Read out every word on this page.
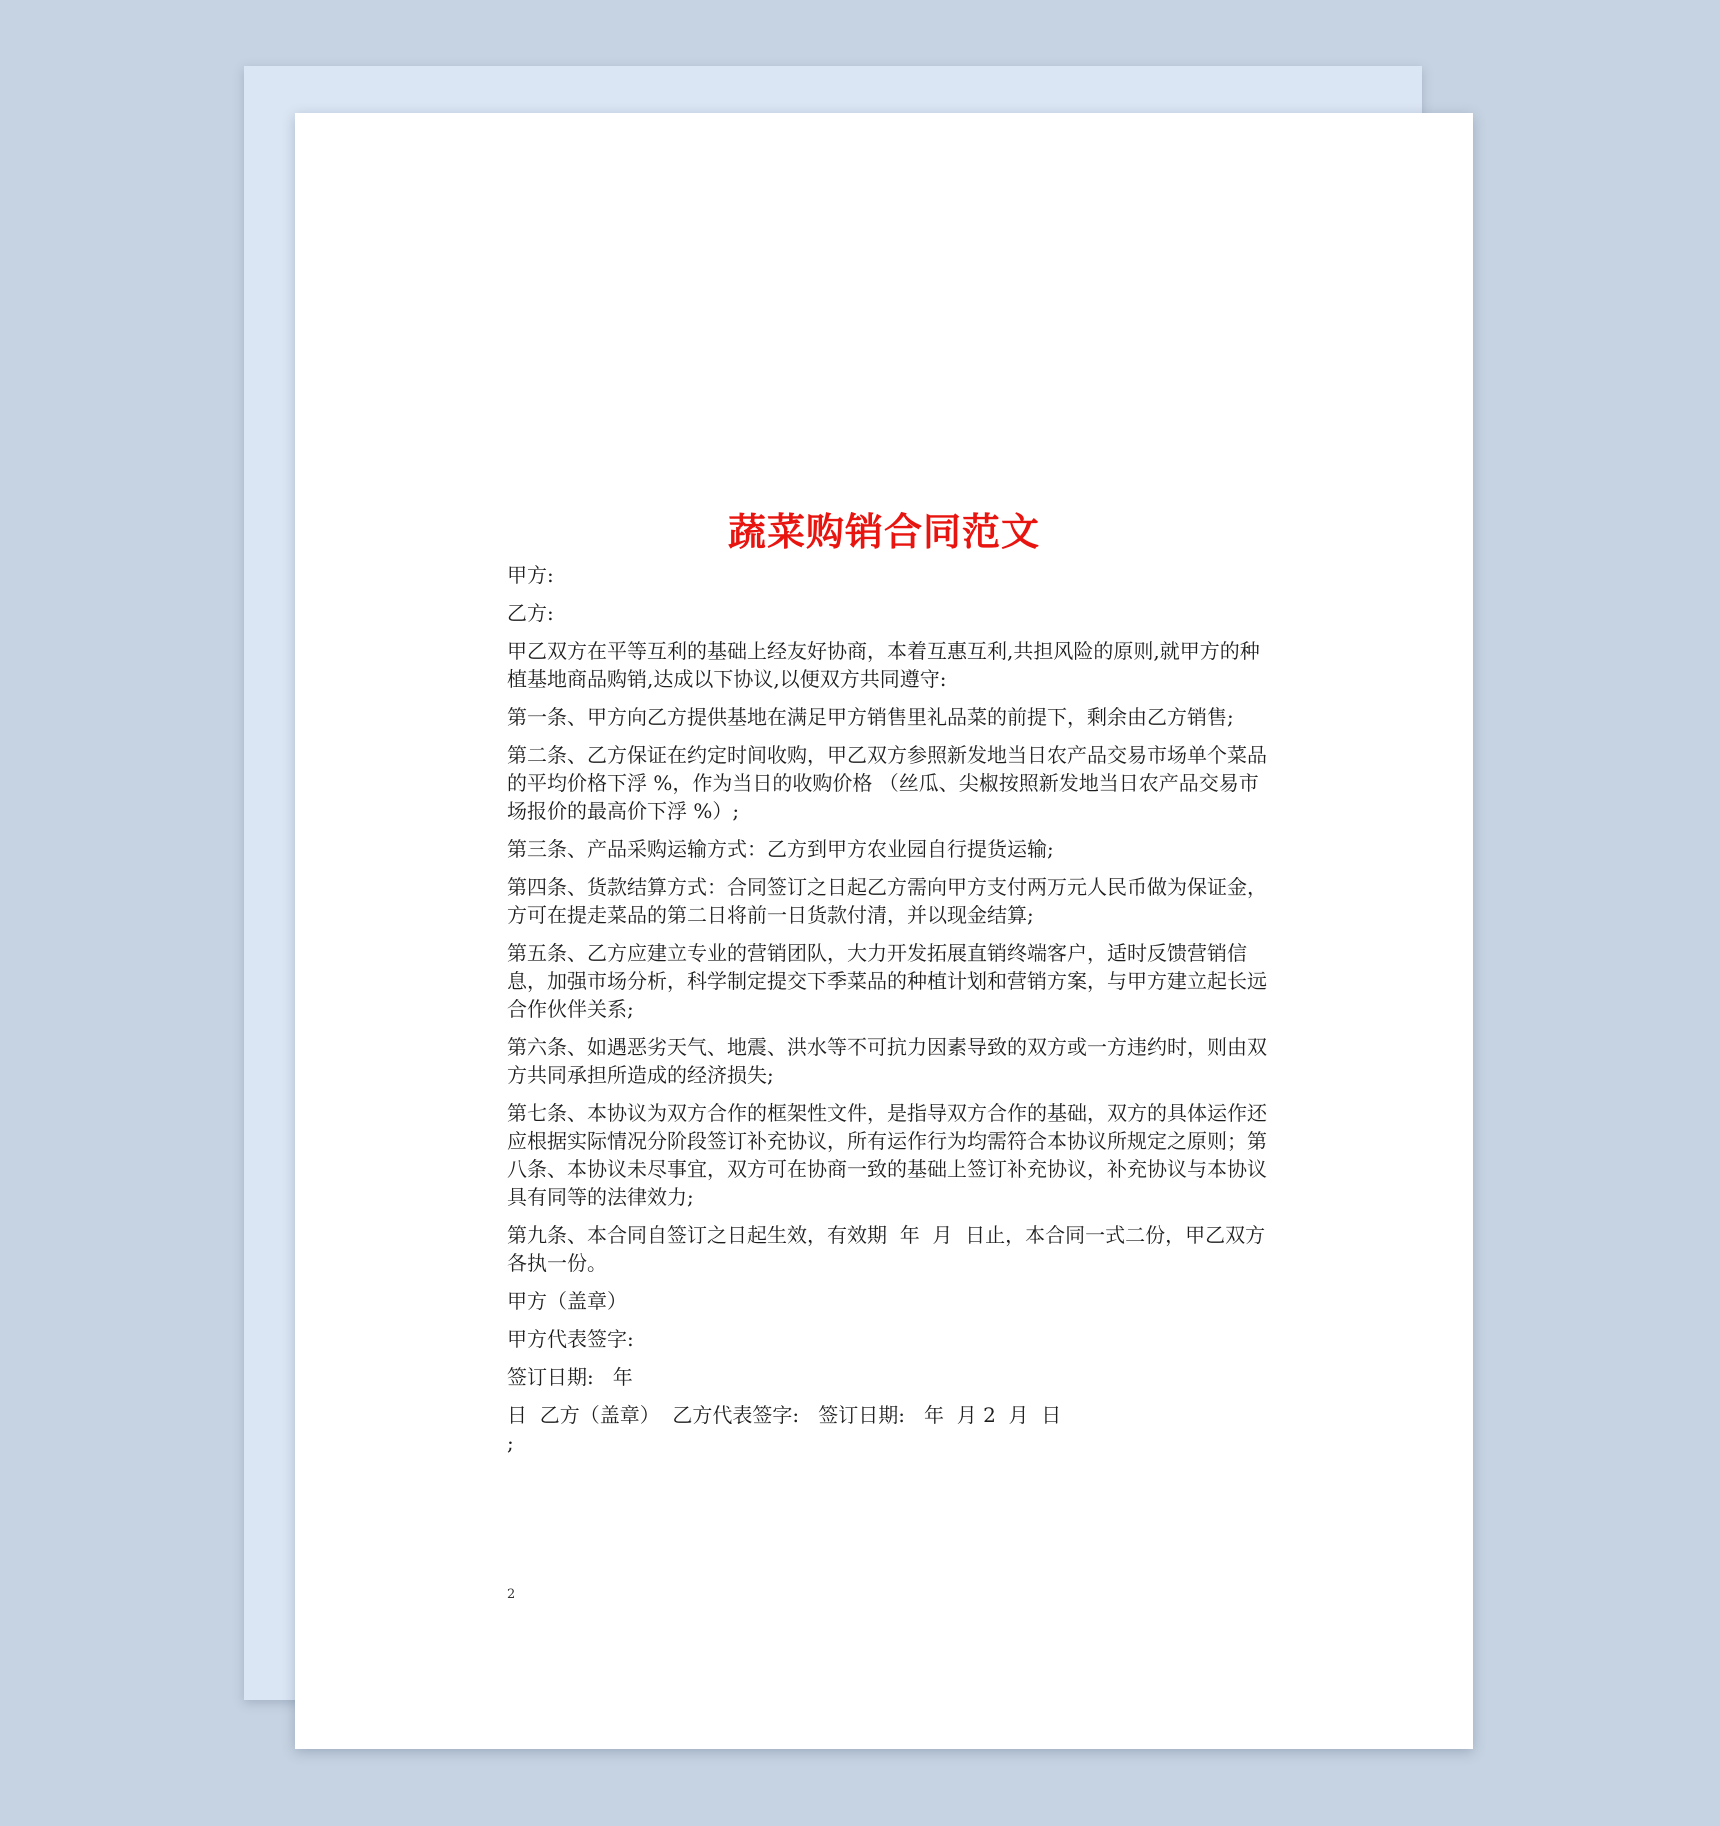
蔬菜购销合同范文

甲方:

乙方:

甲乙双方在平等互利的基础上经友好协商，本着互惠互利,共担风险的原则,就甲方的种植基地商品购销,达成以下协议,以便双方共同遵守:

第一条、甲方向乙方提供基地在满足甲方销售里礼品菜的前提下，剩余由乙方销售;

第二条、乙方保证在约定时间收购，甲乙双方参照新发地当日农产品交易市场单个菜品的平均价格下浮 %，作为当日的收购价格 （丝瓜、尖椒按照新发地当日农产品交易市场报价的最高价下浮 %）;

第三条、产品采购运输方式：乙方到甲方农业园自行提货运输;

第四条、货款结算方式：合同签订之日起乙方需向甲方支付两万元人民币做为保证金，方可在提走菜品的第二日将前一日货款付清，并以现金结算;

第五条、乙方应建立专业的营销团队，大力开发拓展直销终端客户，适时反馈营销信息，加强市场分析，科学制定提交下季菜品的种植计划和营销方案，与甲方建立起长远合作伙伴关系;

第六条、如遇恶劣天气、地震、洪水等不可抗力因素导致的双方或一方违约时，则由双方共同承担所造成的经济损失;

第七条、本协议为双方合作的框架性文件，是指导双方合作的基础，双方的具体运作还应根据实际情况分阶段签订补充协议，所有运作行为均需符合本协议所规定之原则；第八条、本协议未尽事宜，双方可在协商一致的基础上签订补充协议，补充协议与本协议具有同等的法律效力;

第九条、本合同自签订之日起生效，有效期  年  月  日止，本合同一式二份，甲乙双方各执一份。

甲方（盖章）

甲方代表签字:

签订日期:   年

日  乙方（盖章）  乙方代表签字:   签订日期:   年  月 2  月  日
;

2
